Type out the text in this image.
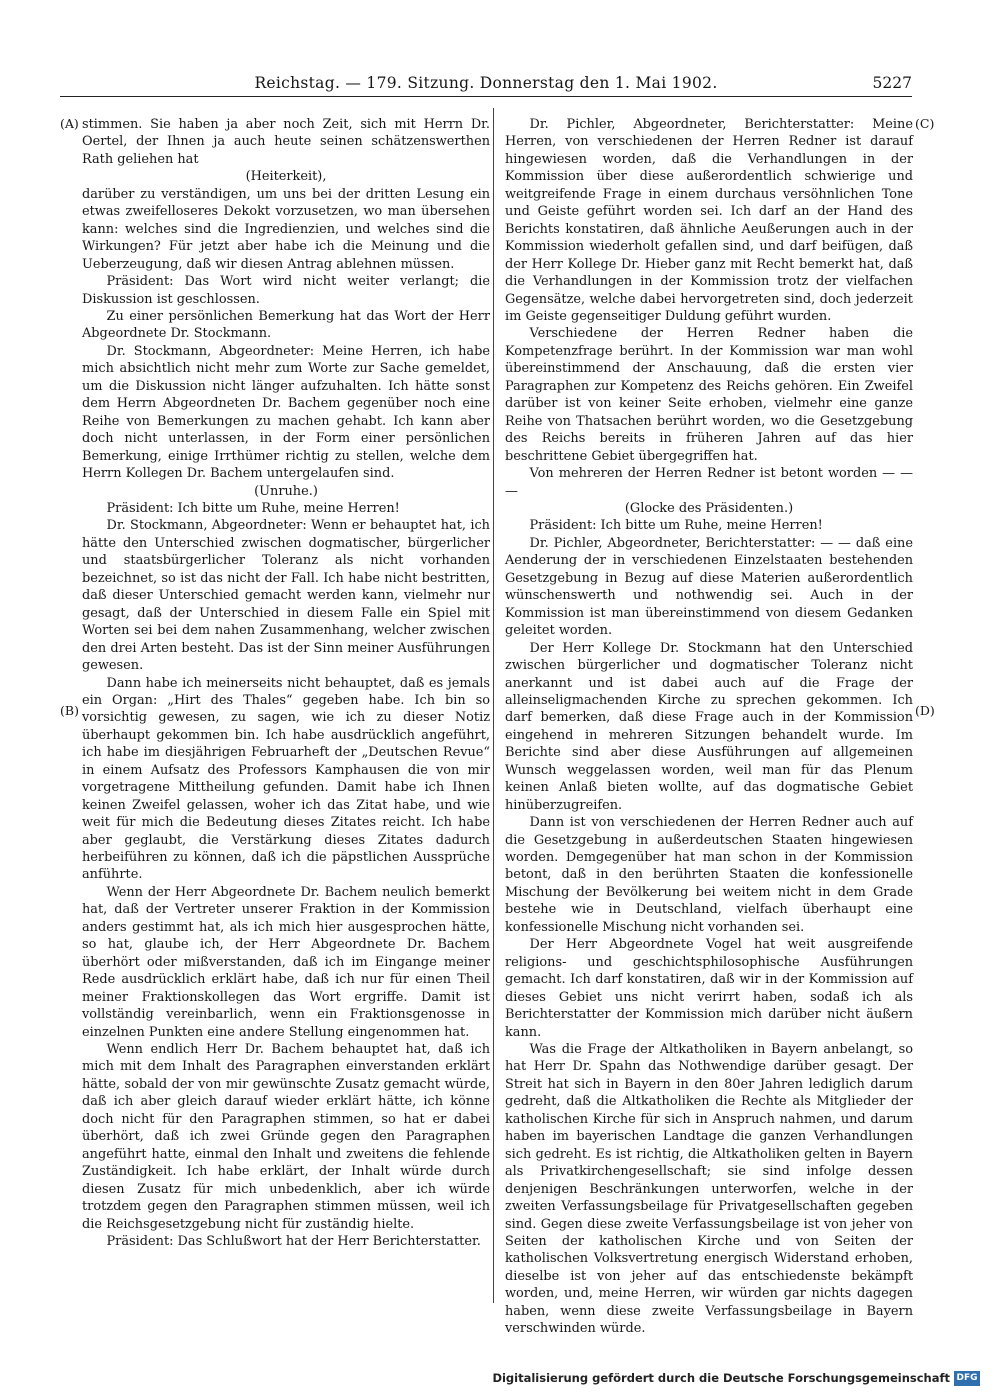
Reichstag. — 179. Sitzung. Donnerstag den 1. Mai 1902.	5227
(A)
(B)
(C)
(D)

stimmen. Sie haben ja aber noch Zeit, sich mit Herrn Dr. Oertel, der Ihnen ja auch heute seinen schätzenswerthen Rath geliehen hat

(Heiterkeit),

darüber zu verständigen, um uns bei der dritten Lesung ein etwas zweifelloseres Dekokt vorzusetzen, wo man übersehen kann: welches sind die Ingredienzien, und welches sind die Wirkungen? Für jetzt aber habe ich die Meinung und die Ueberzeugung, daß wir diesen Antrag ablehnen müssen.

Präsident: Das Wort wird nicht weiter verlangt; die Diskussion ist geschlossen.

Zu einer persönlichen Bemerkung hat das Wort der Herr Abgeordnete Dr. Stockmann.

Dr. Stockmann, Abgeordneter: Meine Herren, ich habe mich absichtlich nicht mehr zum Worte zur Sache gemeldet, um die Diskussion nicht länger aufzuhalten. Ich hätte sonst dem Herrn Abgeordneten Dr. Bachem gegenüber noch eine Reihe von Bemerkungen zu machen gehabt. Ich kann aber doch nicht unterlassen, in der Form einer persönlichen Bemerkung, einige Irrthümer richtig zu stellen, welche dem Herrn Kollegen Dr. Bachem untergelaufen sind.

(Unruhe.)

Präsident: Ich bitte um Ruhe, meine Herren!

Dr. Stockmann, Abgeordneter: Wenn er behauptet hat, ich hätte den Unterschied zwischen dogmatischer, bürgerlicher und staatsbürgerlicher Toleranz als nicht vorhanden bezeichnet, so ist das nicht der Fall. Ich habe nicht bestritten, daß dieser Unterschied gemacht werden kann, vielmehr nur gesagt, daß der Unterschied in diesem Falle ein Spiel mit Worten sei bei dem nahen Zusammenhang, welcher zwischen den drei Arten besteht. Das ist der Sinn meiner Ausführungen gewesen.

Dann habe ich meinerseits nicht behauptet, daß es jemals ein Organ: „Hirt des Thales“ gegeben habe. Ich bin so vorsichtig gewesen, zu sagen, wie ich zu dieser Notiz überhaupt gekommen bin. Ich habe ausdrücklich angeführt, ich habe im diesjährigen Februarheft der „Deutschen Revue“ in einem Aufsatz des Professors Kamphausen die von mir vorgetragene Mittheilung gefunden. Damit habe ich Ihnen keinen Zweifel gelassen, woher ich das Zitat habe, und wie weit für mich die Bedeutung dieses Zitates reicht. Ich habe aber geglaubt, die Verstärkung dieses Zitates dadurch herbeiführen zu können, daß ich die päpstlichen Aussprüche anführte.

Wenn der Herr Abgeordnete Dr. Bachem neulich bemerkt hat, daß der Vertreter unserer Fraktion in der Kommission anders gestimmt hat, als ich mich hier ausgesprochen hätte, so hat, glaube ich, der Herr Abgeordnete Dr. Bachem überhört oder mißverstanden, daß ich im Eingange meiner Rede ausdrücklich erklärt habe, daß ich nur für einen Theil meiner Fraktionskollegen das Wort ergriffe. Damit ist vollständig vereinbarlich, wenn ein Fraktionsgenosse in einzelnen Punkten eine andere Stellung eingenommen hat.

Wenn endlich Herr Dr. Bachem behauptet hat, daß ich mich mit dem Inhalt des Paragraphen einverstanden erklärt hätte, sobald der von mir gewünschte Zusatz gemacht würde, daß ich aber gleich darauf wieder erklärt hätte, ich könne doch nicht für den Paragraphen stimmen, so hat er dabei überhört, daß ich zwei Gründe gegen den Paragraphen angeführt hatte, einmal den Inhalt und zweitens die fehlende Zuständigkeit. Ich habe erklärt, der Inhalt würde durch diesen Zusatz für mich unbedenklich, aber ich würde trotzdem gegen den Paragraphen stimmen müssen, weil ich die Reichsgesetzgebung nicht für zuständig hielte.

Präsident: Das Schlußwort hat der Herr Berichterstatter.

Dr. Pichler, Abgeordneter, Berichterstatter: Meine Herren, von verschiedenen der Herren Redner ist darauf hingewiesen worden, daß die Verhandlungen in der Kommission über diese außerordentlich schwierige und weitgreifende Frage in einem durchaus versöhnlichen Tone und Geiste geführt worden sei. Ich darf an der Hand des Berichts konstatiren, daß ähnliche Aeußerungen auch in der Kommission wiederholt gefallen sind, und darf beifügen, daß der Herr Kollege Dr. Hieber ganz mit Recht bemerkt hat, daß die Verhandlungen in der Kommission trotz der vielfachen Gegensätze, welche dabei hervorgetreten sind, doch jederzeit im Geiste gegenseitiger Duldung geführt wurden.

Verschiedene der Herren Redner haben die Kompetenzfrage berührt. In der Kommission war man wohl übereinstimmend der Anschauung, daß die ersten vier Paragraphen zur Kompetenz des Reichs gehören. Ein Zweifel darüber ist von keiner Seite erhoben, vielmehr eine ganze Reihe von Thatsachen berührt worden, wo die Gesetzgebung des Reichs bereits in früheren Jahren auf das hier beschrittene Gebiet übergegriffen hat.

Von mehreren der Herren Redner ist betont worden — — —

(Glocke des Präsidenten.)

Präsident: Ich bitte um Ruhe, meine Herren!

Dr. Pichler, Abgeordneter, Berichterstatter: — — daß eine Aenderung der in verschiedenen Einzelstaaten bestehenden Gesetzgebung in Bezug auf diese Materien außerordentlich wünschenswerth und nothwendig sei. Auch in der Kommission ist man übereinstimmend von diesem Gedanken geleitet worden.

Der Herr Kollege Dr. Stockmann hat den Unterschied zwischen bürgerlicher und dogmatischer Toleranz nicht anerkannt und ist dabei auch auf die Frage der alleinseligmachenden Kirche zu sprechen gekommen. Ich darf bemerken, daß diese Frage auch in der Kommission eingehend in mehreren Sitzungen behandelt wurde. Im Berichte sind aber diese Ausführungen auf allgemeinen Wunsch weggelassen worden, weil man für das Plenum keinen Anlaß bieten wollte, auf das dogmatische Gebiet hinüberzugreifen.

Dann ist von verschiedenen der Herren Redner auch auf die Gesetzgebung in außerdeutschen Staaten hingewiesen worden. Demgegenüber hat man schon in der Kommission betont, daß in den berührten Staaten die konfessionelle Mischung der Bevölkerung bei weitem nicht in dem Grade bestehe wie in Deutschland, vielfach überhaupt eine konfessionelle Mischung nicht vorhanden sei.

Der Herr Abgeordnete Vogel hat weit ausgreifende religions- und geschichtsphilosophische Ausführungen gemacht. Ich darf konstatiren, daß wir in der Kommission auf dieses Gebiet uns nicht verirrt haben, sodaß ich als Berichterstatter der Kommission mich darüber nicht äußern kann.

Was die Frage der Altkatholiken in Bayern anbelangt, so hat Herr Dr. Spahn das Nothwendige darüber gesagt. Der Streit hat sich in Bayern in den 80er Jahren lediglich darum gedreht, daß die Altkatholiken die Rechte als Mitglieder der katholischen Kirche für sich in Anspruch nahmen, und darum haben im bayerischen Landtage die ganzen Verhandlungen sich gedreht. Es ist richtig, die Altkatholiken gelten in Bayern als Privatkirchengesellschaft; sie sind infolge dessen denjenigen Beschränkungen unterworfen, welche in der zweiten Verfassungsbeilage für Privatgesellschaften gegeben sind. Gegen diese zweite Verfassungsbeilage ist von jeher von Seiten der katholischen Kirche und von Seiten der katholischen Volksvertretung energisch Widerstand erhoben, dieselbe ist von jeher auf das entschiedenste bekämpft worden, und, meine Herren, wir würden gar nichts dagegen haben, wenn diese zweite Verfassungsbeilage in Bayern verschwinden würde.

Digitalisierung gefördert durch die Deutsche Forschungsgemeinschaft DFG
